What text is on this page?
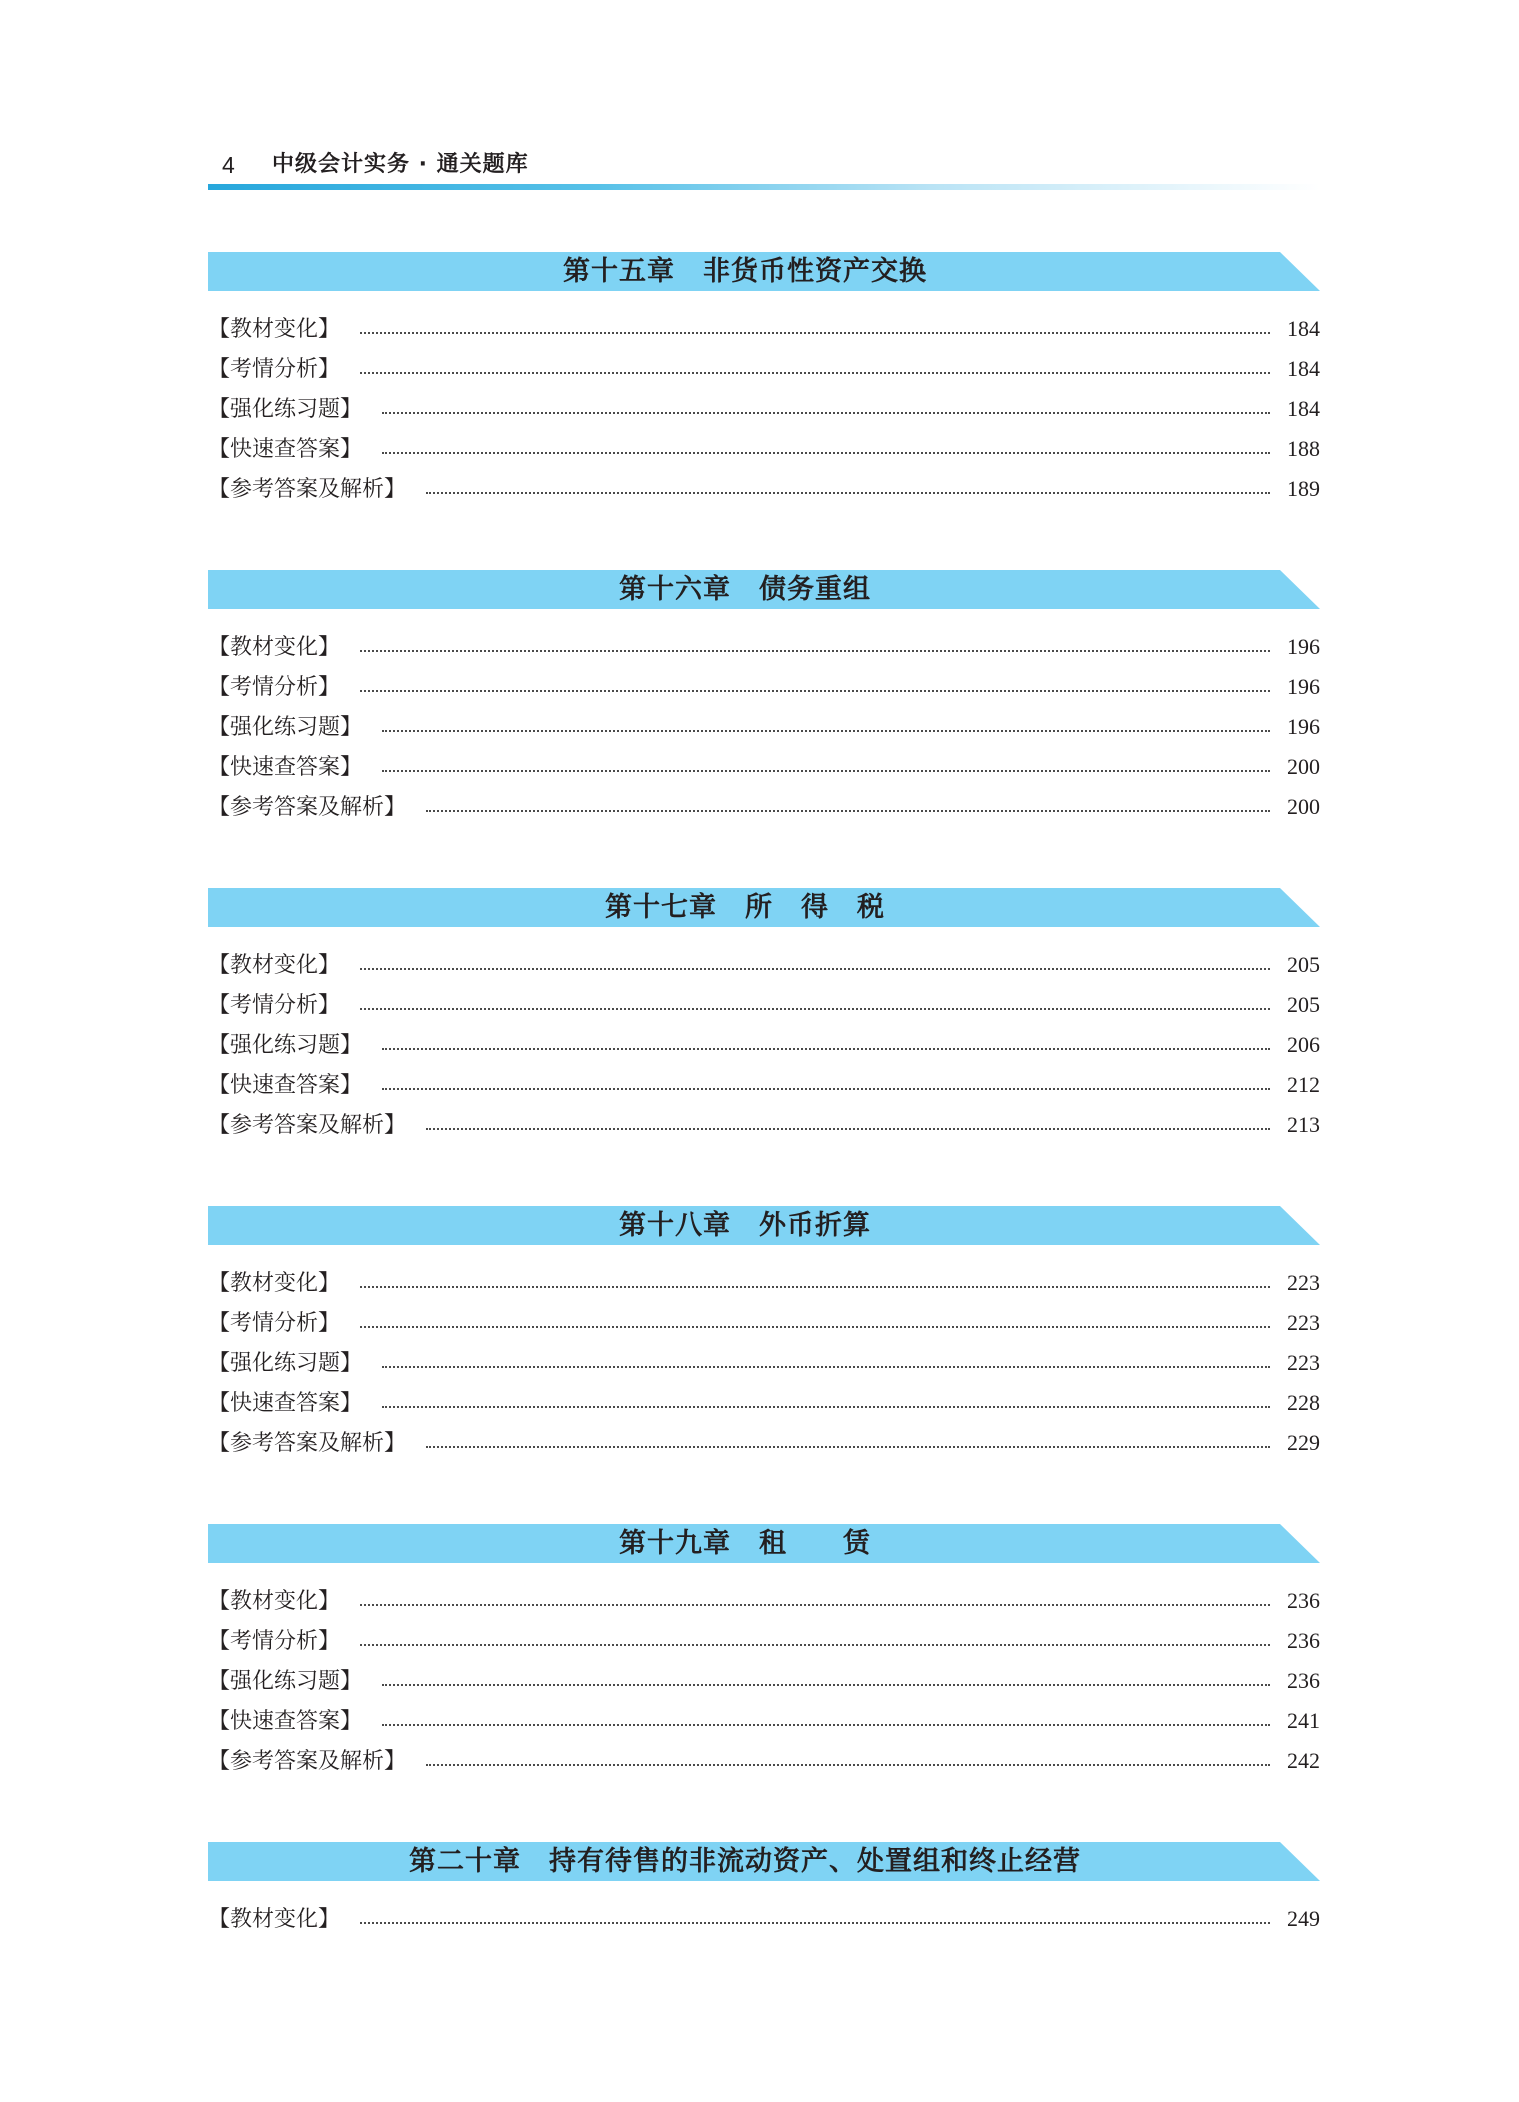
4 中级会计实务 · 通关题库
第十五章　非货币性资产交换
【教材变化】	184
【考情分析】	184
【强化练习题】	184
【快速查答案】	188
【参考答案及解析】	189
第十六章　债务重组
【教材变化】	196
【考情分析】	196
【强化练习题】	196
【快速查答案】	200
【参考答案及解析】	200
第十七章　所　得　税
【教材变化】	205
【考情分析】	205
【强化练习题】	206
【快速查答案】	212
【参考答案及解析】	213
第十八章　外币折算
【教材变化】	223
【考情分析】	223
【强化练习题】	223
【快速查答案】	228
【参考答案及解析】	229
第十九章　租　　赁
【教材变化】	236
【考情分析】	236
【强化练习题】	236
【快速查答案】	241
【参考答案及解析】	242
第二十章　持有待售的非流动资产、处置组和终止经营
【教材变化】	249
